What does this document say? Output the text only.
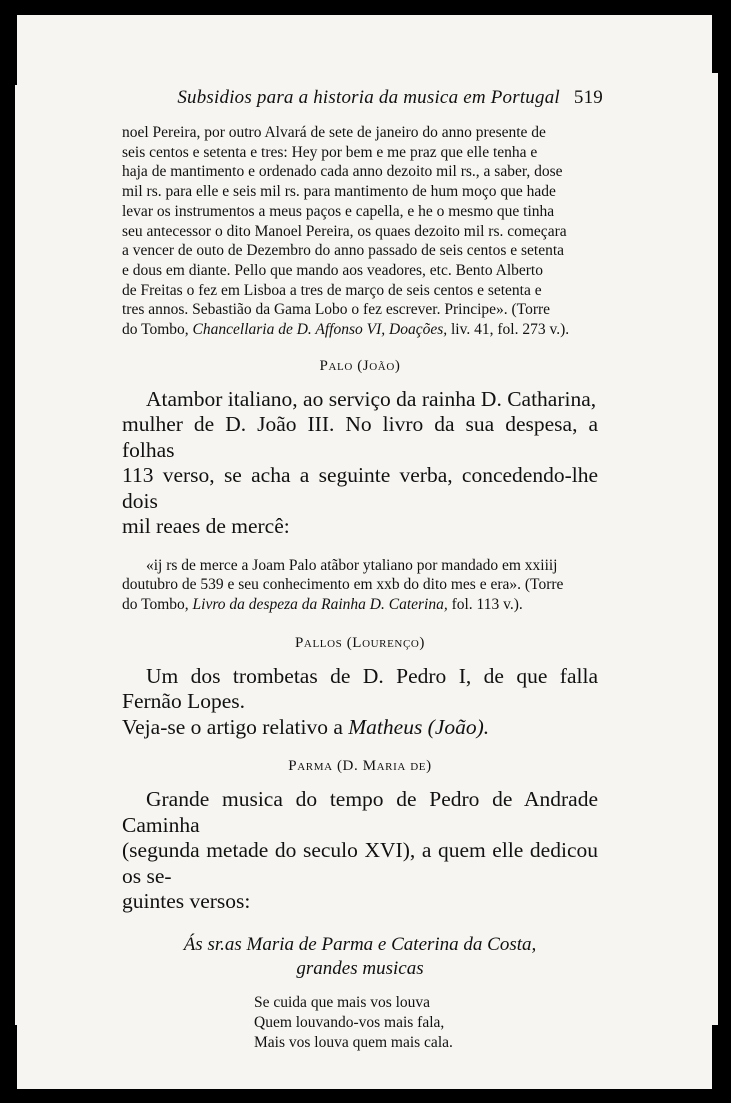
Subsidios para a historia da musica em Portugal 519

noel Pereira, por outro Alvará de sete de janeiro do anno presente de

seis centos e setenta e tres: Hey por bem e me praz que elle tenha e

haja de mantimento e ordenado cada anno dezoito mil rs., a saber, dose

mil rs. para elle e seis mil rs. para mantimento de hum moço que hade

levar os instrumentos a meus paços e capella, e he o mesmo que tinha

seu antecessor o dito Manoel Pereira, os quaes dezoito mil rs. começara

a vencer de outo de Dezembro do anno passado de seis centos e setenta

e dous em diante. Pello que mando aos veadores, etc. Bento Alberto

de Freitas o fez em Lisboa a tres de março de seis centos e setenta e

tres annos. Sebastião da Gama Lobo o fez escrever. Principe». (Torre

do Tombo, Chancellaria de D. Affonso VI, Doações, liv. 41, fol. 273 v.).

Palo (João)

Atambor italiano, ao serviço da rainha D. Catharina,

mulher de D. João III. No livro da sua despesa, a folhas

113 verso, se acha a seguinte verba, concedendo-lhe dois

mil reaes de mercê:

«ij rs de merce a Joam Palo atãbor ytaliano por mandado em xxiiij

doutubro de 539 e seu conhecimento em xxb do dito mes e era». (Torre

do Tombo, Livro da despeza da Rainha D. Caterina, fol. 113 v.).

Pallos (Lourenço)

Um dos trombetas de D. Pedro I, de que falla Fernão Lopes.

Veja-se o artigo relativo a Matheus (João).

Parma (D. Maria de)

Grande musica do tempo de Pedro de Andrade Caminha

(segunda metade do seculo XVI), a quem elle dedicou os se-

guintes versos:

Ás sr.as Maria de Parma e Caterina da Costa,
grandes musicas
Se cuida que mais vos louva
Quem louvando-vos mais fala,
Mais vos louva quem mais cala.
